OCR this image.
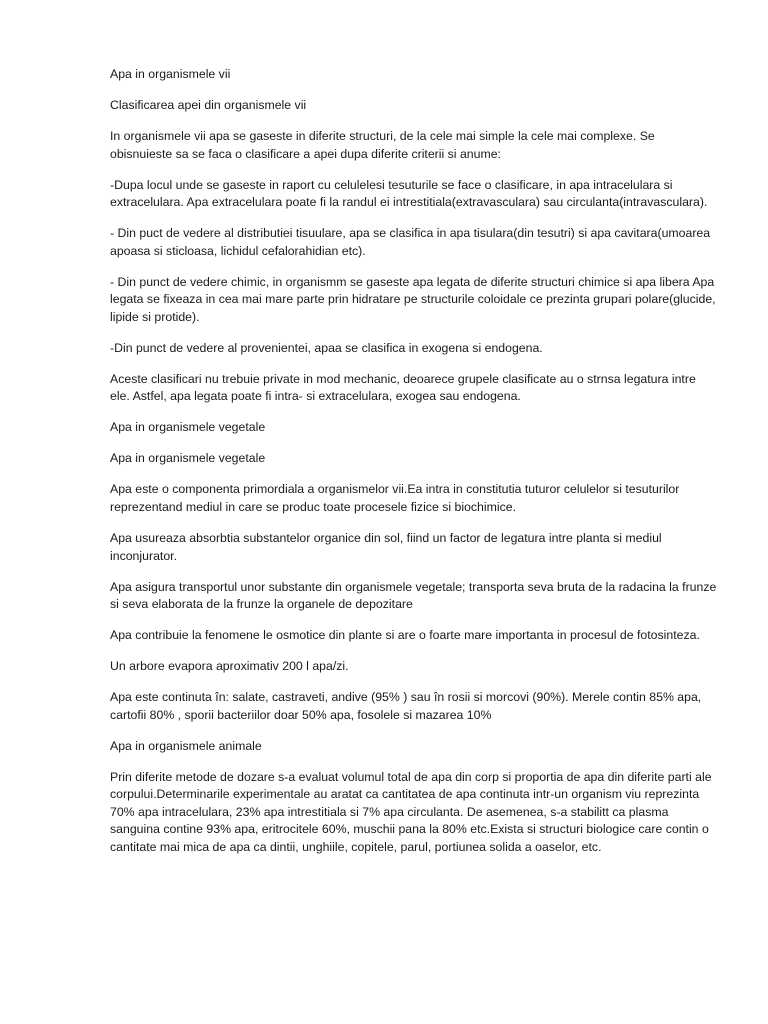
Apa in organismele vii

Clasificarea apei din organismele vii

In organismele vii apa se gaseste in diferite structuri, de la cele mai simple la cele mai complexe. Se obisnuieste sa se faca o clasificare a apei dupa diferite criterii si anume:

-Dupa locul unde se gaseste in raport cu celulelesi tesuturile se face o clasificare, in apa intracelulara si extracelulara. Apa extracelulara poate fi la randul ei intrestitiala(extravasculara) sau circulanta(intravasculara).

- Din puct de vedere al distributiei tisuulare, apa se clasifica in apa tisulara(din tesutri) si apa cavitara(umoarea apoasa si sticloasa, lichidul cefalorahidian etc).

- Din punct de vedere chimic, in organismm se gaseste apa legata de diferite structuri chimice si apa libera Apa legata se fixeaza in cea mai mare parte prin hidratare pe structurile coloidale ce prezinta grupari polare(glucide, lipide si protide).

-Din punct de vedere al provenientei, apaa se clasifica in exogena si endogena.

Aceste clasificari nu trebuie private in mod mechanic, deoarece grupele clasificate au o strnsa legatura intre ele. Astfel, apa legata poate fi intra- si extracelulara, exogea sau endogena.

Apa in organismele vegetale

Apa in organismele vegetale

Apa este o componenta primordiala a organismelor vii.Ea intra in constitutia tuturor celulelor si tesuturilor reprezentand mediul in care se produc toate procesele fizice si biochimice.

Apa usureaza absorbtia substantelor organice din sol, fiind un factor de legatura intre planta si mediul inconjurator.

Apa asigura transportul unor substante din organismele vegetale; transporta seva bruta de la radacina la frunze si seva elaborata de la frunze la organele de depozitare

Apa contribuie la fenomene le osmotice din plante si are o foarte mare importanta in procesul de fotosinteza.

Un arbore evapora aproximativ 200 l apa/zi.

Apa este continuta în: salate, castraveti, andive (95% ) sau în rosii si morcovi (90%). Merele contin 85% apa, cartofii 80% , sporii bacteriilor doar 50% apa, fosolele si mazarea 10%

Apa in organismele animale

Prin diferite metode de dozare s-a evaluat volumul total de apa din corp si proportia de apa din diferite parti ale corpului.Determinarile experimentale au aratat ca cantitatea de apa continuta intr-un organism viu reprezinta 70% apa intracelulara, 23% apa intrestitiala si 7% apa circulanta. De asemenea, s-a stabilitt ca plasma sanguina contine 93% apa, eritrocitele 60%, muschii pana la 80% etc.Exista si structuri biologice care contin o cantitate mai mica de apa ca dintii, unghiile, copitele, parul, portiunea solida a oaselor, etc.
